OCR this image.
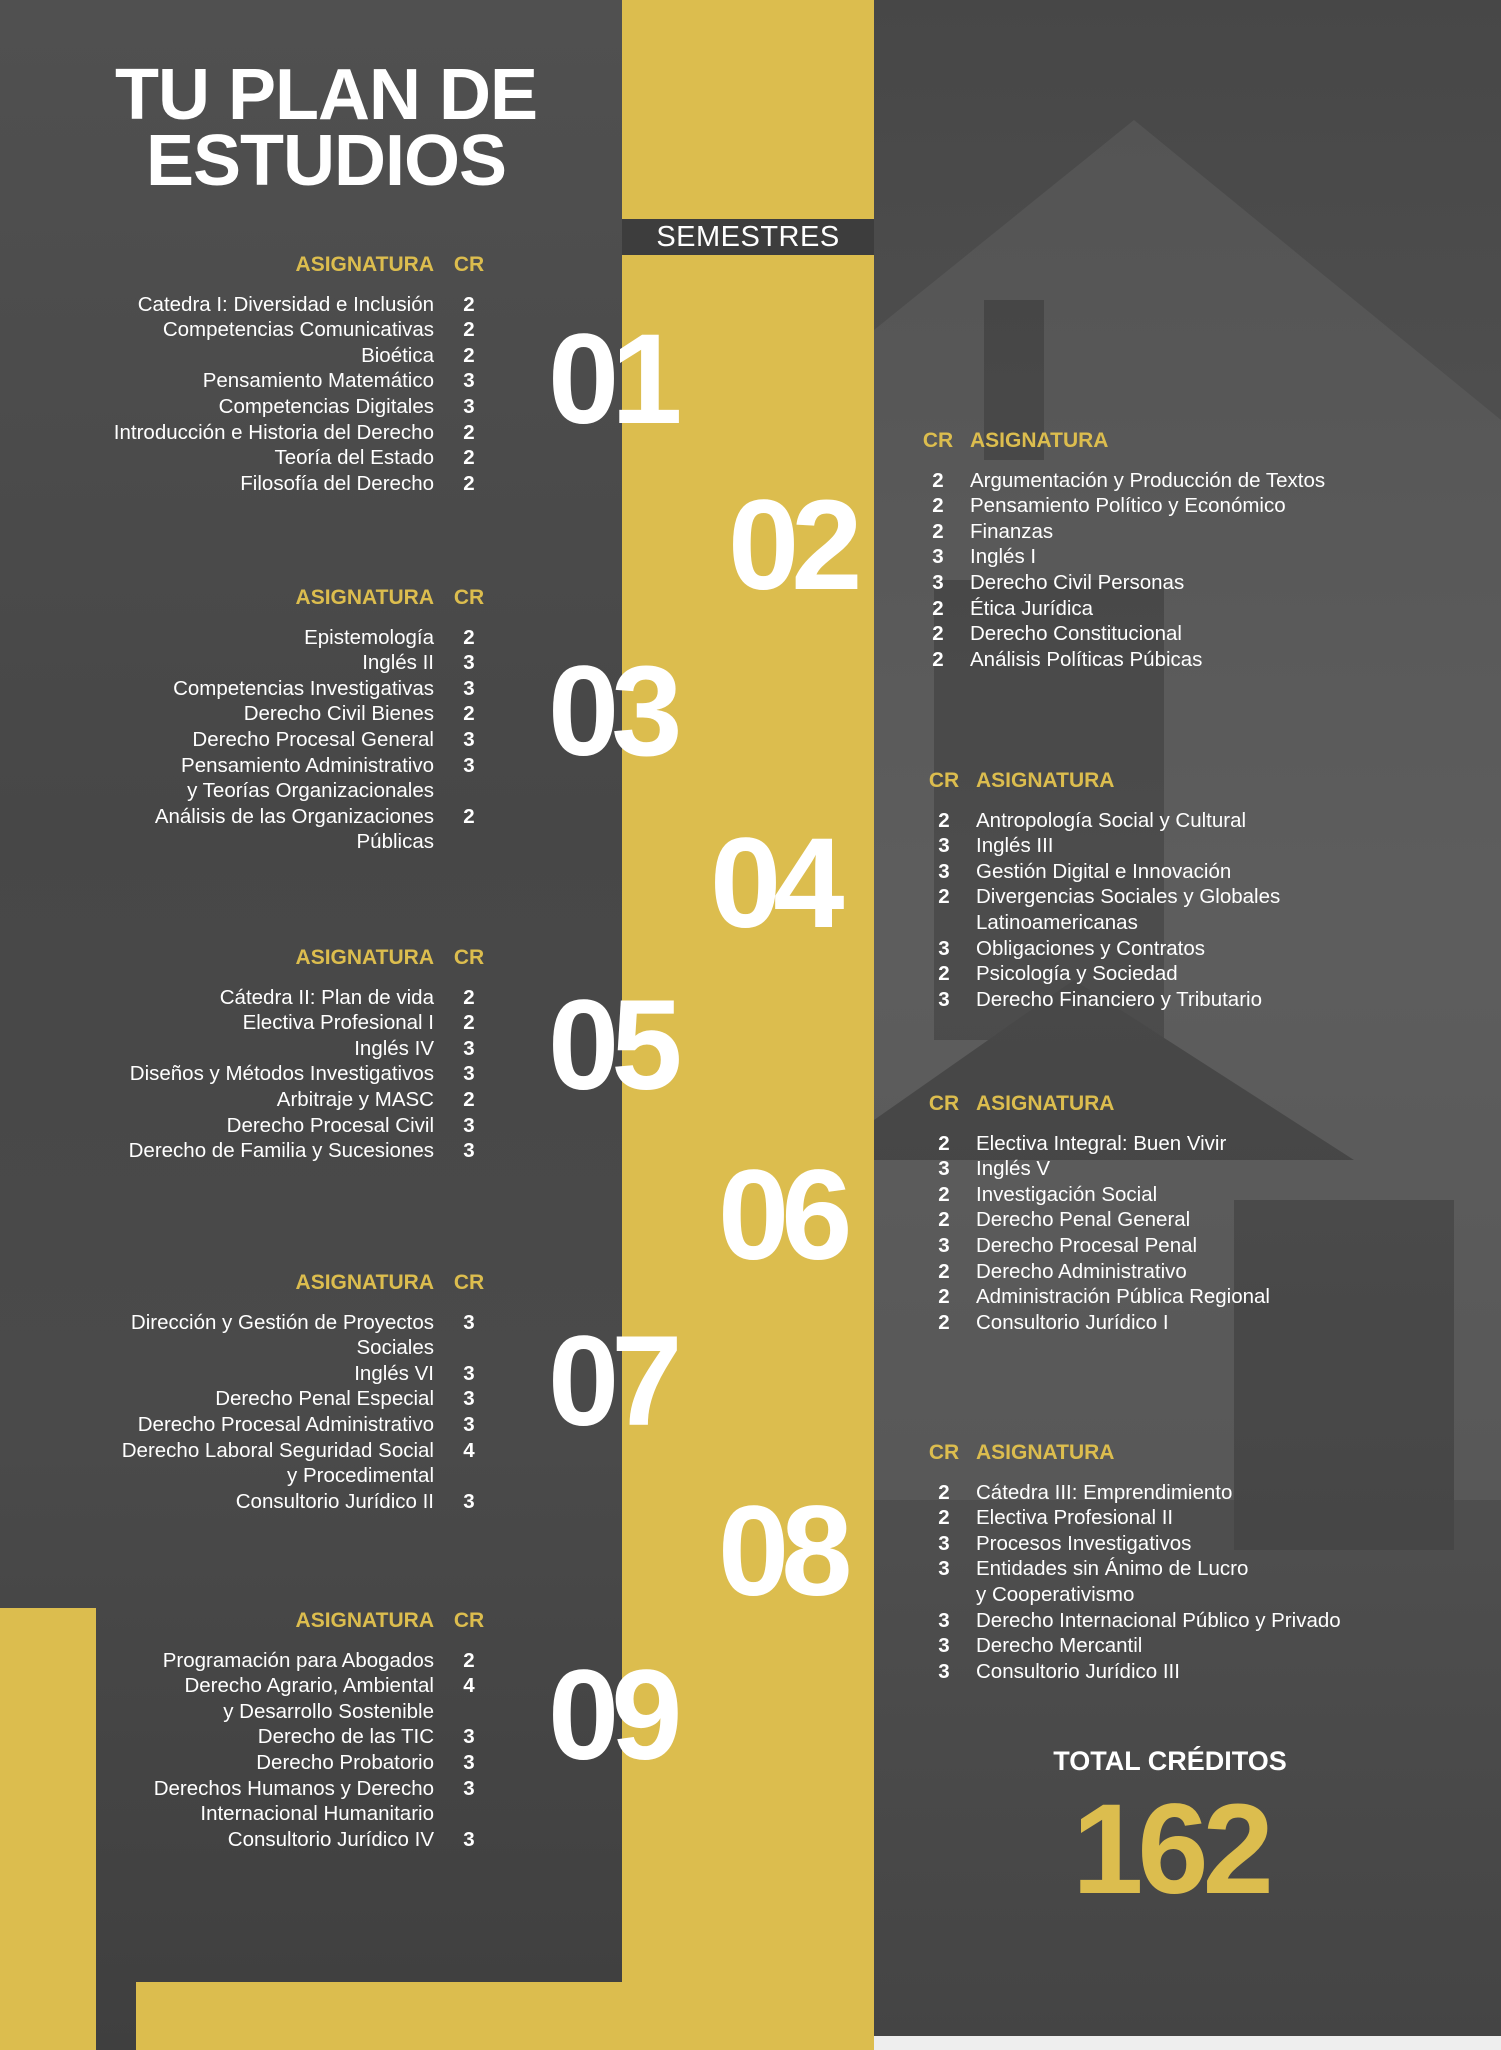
TU PLAN DE
ESTUDIOS
SEMESTRES
01
02
03
04
05
06
07
08
09
ASIGNATURA CR
Catedra I: Diversidad e Inclusión	2
Competencias Comunicativas	2
Bioética	2
Pensamiento Matemático	3
Competencias Digitales	3
Introducción e Historia del Derecho	2
Teoría del Estado	2
Filosofía del Derecho	2
CR ASIGNATURA
2	Argumentación y Producción de Textos
2	Pensamiento Político y Económico
2	Finanzas
3	Inglés I
3	Derecho Civil Personas
2	Ética Jurídica
2	Derecho Constitucional
2	Análisis Políticas Púbicas
ASIGNATURA CR
Epistemología	2
Inglés II	3
Competencias Investigativas	3
Derecho Civil Bienes	2
Derecho Procesal General	3
Pensamiento Administrativo	3
y Teorías Organizacionales
Análisis de las Organizaciones	2
Públicas
CR ASIGNATURA
2	Antropología Social y Cultural
3	Inglés III
3	Gestión Digital e Innovación
2	Divergencias Sociales y Globales
Latinoamericanas
3	Obligaciones y Contratos
2	Psicología y Sociedad
3	Derecho Financiero y Tributario
ASIGNATURA CR
Cátedra II: Plan de vida	2
Electiva Profesional I	2
Inglés IV	3
Diseños y Métodos Investigativos	3
Arbitraje y MASC	2
Derecho Procesal Civil	3
Derecho de Familia y Sucesiones	3
CR ASIGNATURA
2	Electiva Integral: Buen Vivir
3	Inglés V
2	Investigación Social
2	Derecho Penal General
3	Derecho Procesal Penal
2	Derecho Administrativo
2	Administración Pública Regional
2	Consultorio Jurídico I
ASIGNATURA CR
Dirección y Gestión de Proyectos	3
Sociales
Inglés VI	3
Derecho Penal Especial	3
Derecho Procesal Administrativo	3
Derecho Laboral Seguridad Social	4
y Procedimental
Consultorio Jurídico II	3
CR ASIGNATURA
2	Cátedra III: Emprendimiento
2	Electiva Profesional II
3	Procesos Investigativos
3	Entidades sin Ánimo de Lucro
y Cooperativismo
3	Derecho Internacional Público y Privado
3	Derecho Mercantil
3	Consultorio Jurídico III
ASIGNATURA CR
Programación para Abogados	2
Derecho Agrario, Ambiental	4
y Desarrollo Sostenible
Derecho de las TIC	3
Derecho Probatorio	3
Derechos Humanos y Derecho	3
Internacional Humanitario
Consultorio Jurídico IV	3
TOTAL CRÉDITOS
162
